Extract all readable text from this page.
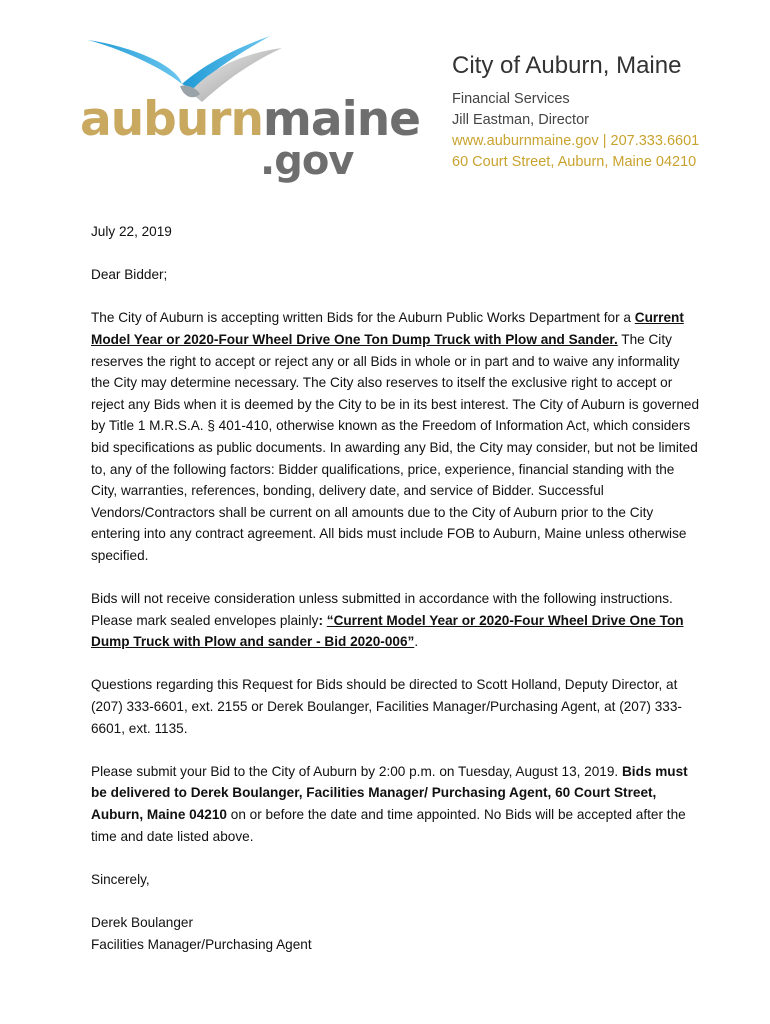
auburnmaine
.gov
City of Auburn, Maine
Financial Services
Jill Eastman, Director
www.auburnmaine.gov | 207.333.6601
60 Court Street, Auburn, Maine 04210

July 22, 2019

Dear Bidder;

The City of Auburn is accepting written Bids for the Auburn Public Works Department for a Current Model Year or 2020-Four Wheel Drive One Ton Dump Truck with Plow and Sander. The City reserves the right to accept or reject any or all Bids in whole or in part and to waive any informality the City may determine necessary. The City also reserves to itself the exclusive right to accept or reject any Bids when it is deemed by the City to be in its best interest. The City of Auburn is governed by Title 1 M.R.S.A. § 401-410, otherwise known as the Freedom of Information Act, which considers bid specifications as public documents. In awarding any Bid, the City may consider, but not be limited to, any of the following factors: Bidder qualifications, price, experience, financial standing with the City, warranties, references, bonding, delivery date, and service of Bidder. Successful Vendors/Contractors shall be current on all amounts due to the City of Auburn prior to the City entering into any contract agreement. All bids must include FOB to Auburn, Maine unless otherwise specified.

Bids will not receive consideration unless submitted in accordance with the following instructions. Please mark sealed envelopes plainly: “Current Model Year or 2020-Four Wheel Drive One Ton Dump Truck with Plow and sander - Bid 2020-006”.

Questions regarding this Request for Bids should be directed to Scott Holland, Deputy Director, at (207) 333-6601, ext. 2155 or Derek Boulanger, Facilities Manager/Purchasing Agent, at (207) 333-6601, ext. 1135.

Please submit your Bid to the City of Auburn by 2:00 p.m. on Tuesday, August 13, 2019. Bids must be delivered to Derek Boulanger, Facilities Manager/ Purchasing Agent, 60 Court Street, Auburn, Maine 04210 on or before the date and time appointed. No Bids will be accepted after the time and date listed above.

Sincerely,

Derek Boulanger

Facilities Manager/Purchasing Agent
